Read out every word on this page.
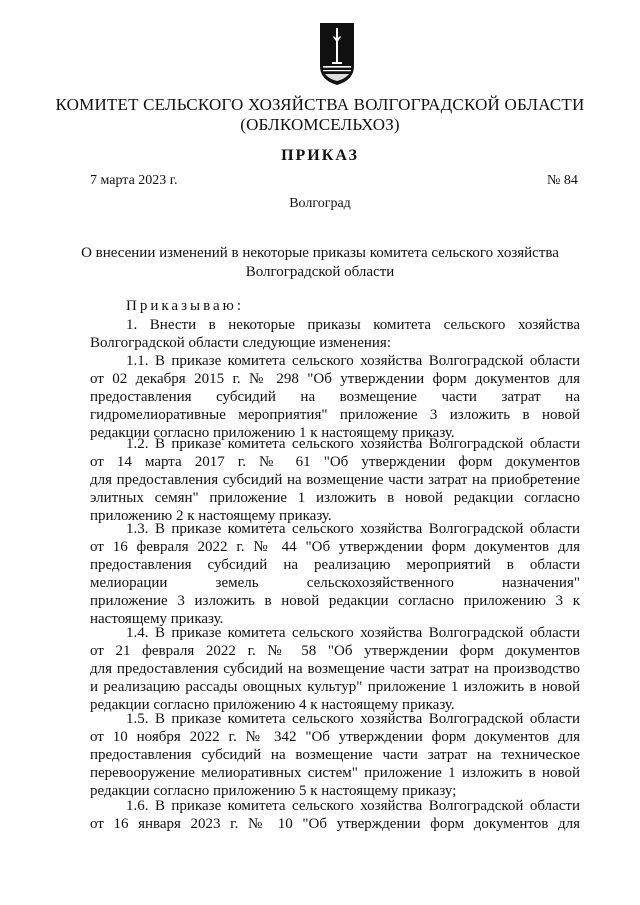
КОМИТЕТ СЕЛЬСКОГО ХОЗЯЙСТВА ВОЛГОГРАДСКОЙ ОБЛАСТИ
(ОБЛКОМСЕЛЬХОЗ)
ПРИКАЗ
7 марта 2023 г.	№ 84
Волгоград
О внесении изменений в некоторые приказы комитета сельского хозяйства
Волгоградской области
Приказываю:
1. Внести в некоторые приказы комитета сельского хозяйства
Волгоградской области следующие изменения:
1.1. В приказе комитета сельского хозяйства Волгоградской области
от 02 декабря 2015 г. № 298 "Об утверждении форм документов для
предоставления субсидий на возмещение части затрат на
гидромелиоративные мероприятия" приложение 3 изложить в новой
редакции согласно приложению 1 к настоящему приказу.
1.2. В приказе комитета сельского хозяйства Волгоградской области
от 14 марта 2017 г. № 61 "Об утверждении форм документов
для предоставления субсидий на возмещение части затрат на приобретение
элитных семян" приложение 1 изложить в новой редакции согласно
приложению 2 к настоящему приказу.
1.3. В приказе комитета сельского хозяйства Волгоградской области
от 16 февраля 2022 г. № 44 "Об утверждении форм документов для
предоставления субсидий на реализацию мероприятий в области
мелиорации земель сельскохозяйственного назначения"
приложение 3 изложить в новой редакции согласно приложению 3 к
настоящему приказу.
1.4. В приказе комитета сельского хозяйства Волгоградской области
от 21 февраля 2022 г. № 58 "Об утверждении форм документов
для предоставления субсидий на возмещение части затрат на производство
и реализацию рассады овощных культур" приложение 1 изложить в новой
редакции согласно приложению 4 к настоящему приказу.
1.5. В приказе комитета сельского хозяйства Волгоградской области
от 10 ноября 2022 г. № 342 "Об утверждении форм документов для
предоставления субсидий на возмещение части затрат на техническое
перевооружение мелиоративных систем" приложение 1 изложить в новой
редакции согласно приложению 5 к настоящему приказу;
1.6. В приказе комитета сельского хозяйства Волгоградской области
от 16 января 2023 г. № 10 "Об утверждении форм документов для
